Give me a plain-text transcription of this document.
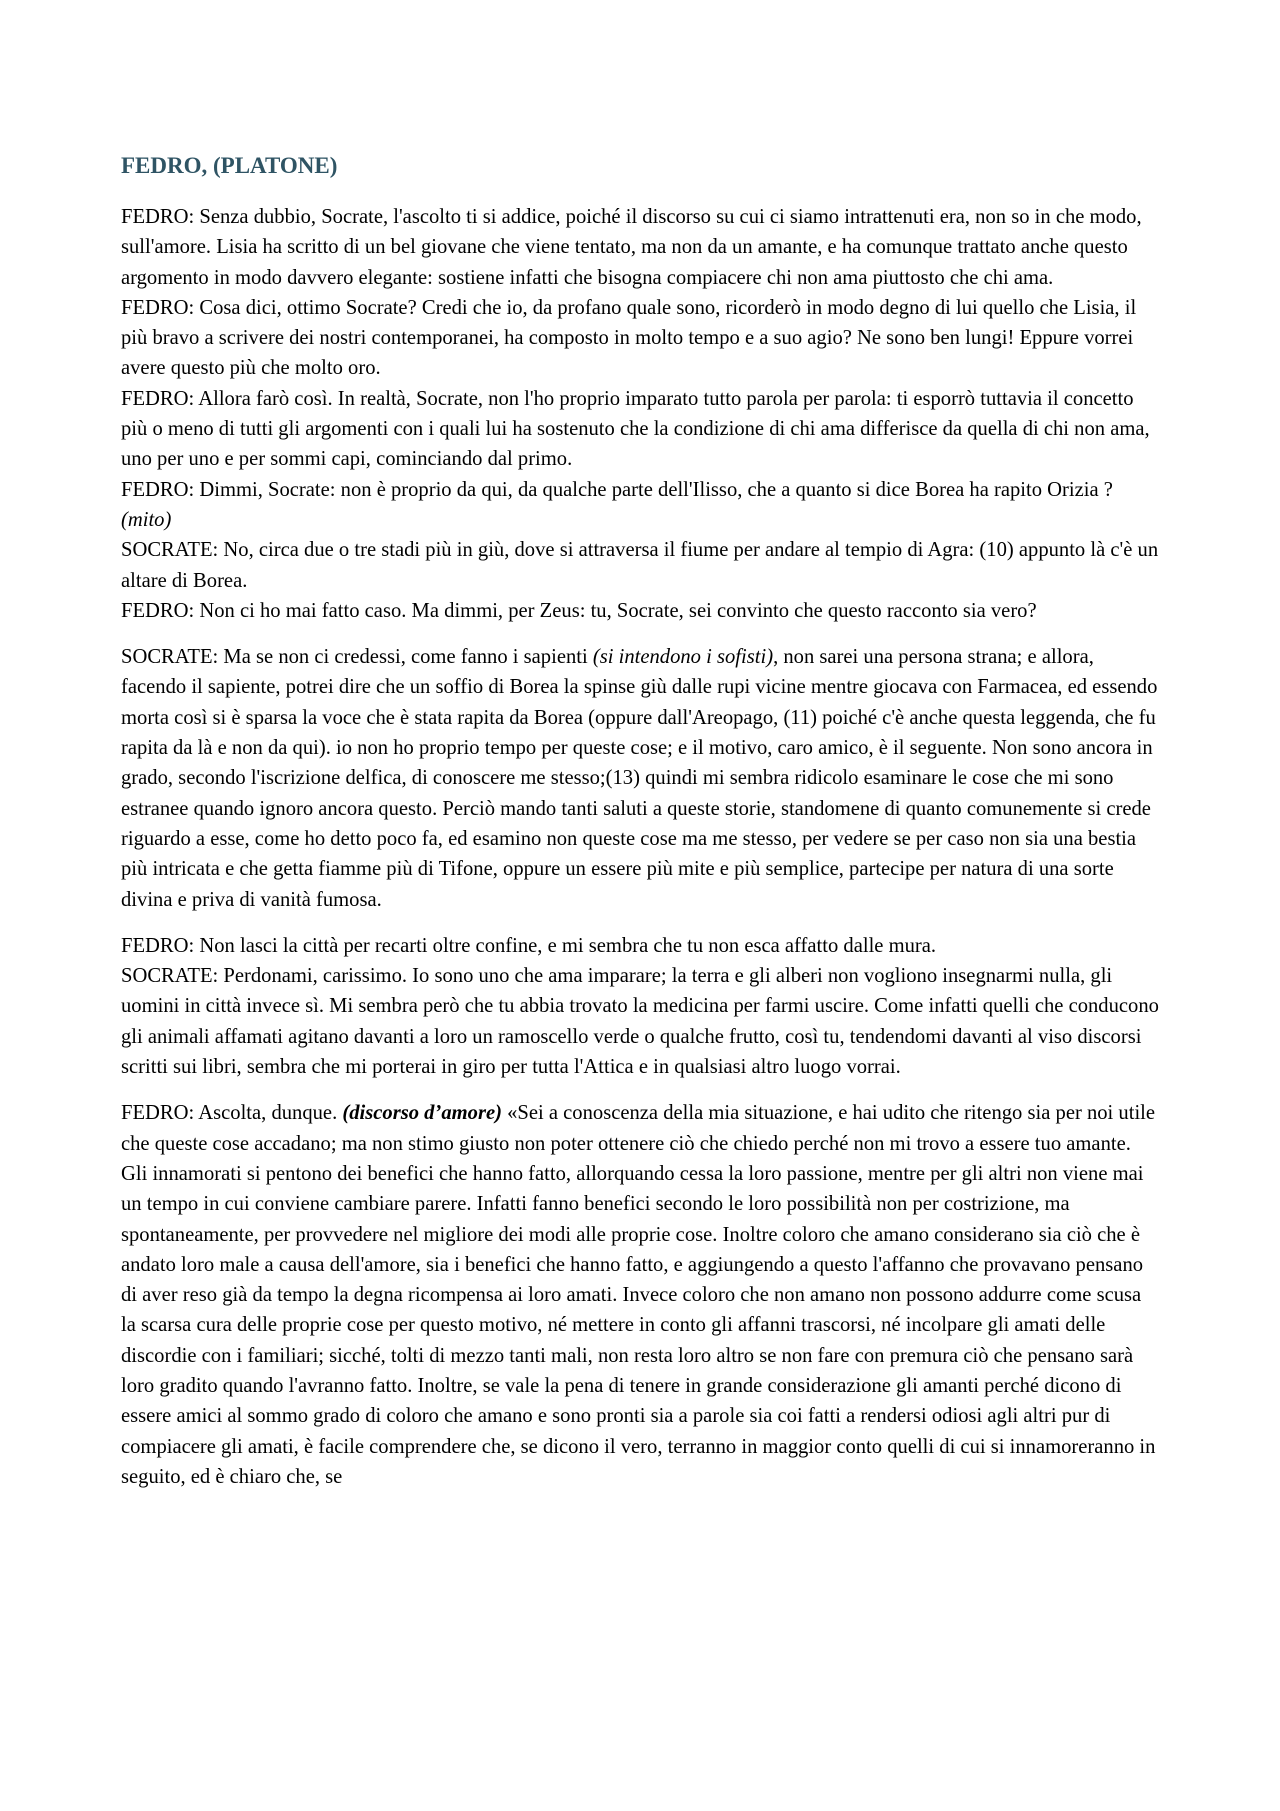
FEDRO, (PLATONE)

FEDRO: Senza dubbio, Socrate, l'ascolto ti si addice, poiché il discorso su cui ci siamo intrattenuti era, non so in che modo, sull'amore. Lisia ha scritto di un bel giovane che viene tentato, ma non da un amante, e ha comunque trattato anche questo argomento in modo davvero elegante: sostiene infatti che bisogna compiacere chi non ama piuttosto che chi ama.

FEDRO: Cosa dici, ottimo Socrate? Credi che io, da profano quale sono, ricorderò in modo degno di lui quello che Lisia, il più bravo a scrivere dei nostri contemporanei, ha composto in molto tempo e a suo agio? Ne sono ben lungi! Eppure vorrei avere questo più che molto oro.

FEDRO: Allora farò così. In realtà, Socrate, non l'ho proprio imparato tutto parola per parola: ti esporrò tuttavia il concetto più o meno di tutti gli argomenti con i quali lui ha sostenuto che la condizione di chi ama differisce da quella di chi non ama, uno per uno e per sommi capi, cominciando dal primo.

FEDRO: Dimmi, Socrate: non è proprio da qui, da qualche parte dell'Ilisso, che a quanto si dice Borea ha rapito Orizia ? (mito)

SOCRATE: No, circa due o tre stadi più in giù, dove si attraversa il fiume per andare al tempio di Agra: (10) appunto là c'è un altare di Borea.

FEDRO: Non ci ho mai fatto caso. Ma dimmi, per Zeus: tu, Socrate, sei convinto che questo racconto sia vero?

SOCRATE: Ma se non ci credessi, come fanno i sapienti (si intendono i sofisti), non sarei una persona strana; e allora, facendo il sapiente, potrei dire che un soffio di Borea la spinse giù dalle rupi vicine mentre giocava con Farmacea, ed essendo morta così si è sparsa la voce che è stata rapita da Borea (oppure dall'Areopago, (11) poiché c'è anche questa leggenda, che fu rapita da là e non da qui). io non ho proprio tempo per queste cose; e il motivo, caro amico, è il seguente. Non sono ancora in grado, secondo l'iscrizione delfica, di conoscere me stesso;(13) quindi mi sembra ridicolo esaminare le cose che mi sono estranee quando ignoro ancora questo. Perciò mando tanti saluti a queste storie, standomene di quanto comunemente si crede riguardo a esse, come ho detto poco fa, ed esamino non queste cose ma me stesso, per vedere se per caso non sia una bestia più intricata e che getta fiamme più di Tifone, oppure un essere più mite e più semplice, partecipe per natura di una sorte divina e priva di vanità fumosa.

FEDRO: Non lasci la città per recarti oltre confine, e mi sembra che tu non esca affatto dalle mura.

SOCRATE: Perdonami, carissimo. Io sono uno che ama imparare; la terra e gli alberi non vogliono insegnarmi nulla, gli uomini in città invece sì. Mi sembra però che tu abbia trovato la medicina per farmi uscire. Come infatti quelli che conducono gli animali affamati agitano davanti a loro un ramoscello verde o qualche frutto, così tu, tendendomi davanti al viso discorsi scritti sui libri, sembra che mi porterai in giro per tutta l'Attica e in qualsiasi altro luogo vorrai.

FEDRO: Ascolta, dunque. (discorso d’amore) «Sei a conoscenza della mia situazione, e hai udito che ritengo sia per noi utile che queste cose accadano; ma non stimo giusto non poter ottenere ciò che chiedo perché non mi trovo a essere tuo amante. Gli innamorati si pentono dei benefici che hanno fatto, allorquando cessa la loro passione, mentre per gli altri non viene mai un tempo in cui conviene cambiare parere. Infatti fanno benefici secondo le loro possibilità non per costrizione, ma spontaneamente, per provvedere nel migliore dei modi alle proprie cose. Inoltre coloro che amano considerano sia ciò che è andato loro male a causa dell'amore, sia i benefici che hanno fatto, e aggiungendo a questo l'affanno che provavano pensano di aver reso già da tempo la degna ricompensa ai loro amati. Invece coloro che non amano non possono addurre come scusa la scarsa cura delle proprie cose per questo motivo, né mettere in conto gli affanni trascorsi, né incolpare gli amati delle discordie con i familiari; sicché, tolti di mezzo tanti mali, non resta loro altro se non fare con premura ciò che pensano sarà loro gradito quando l'avranno fatto. Inoltre, se vale la pena di tenere in grande considerazione gli amanti perché dicono di essere amici al sommo grado di coloro che amano e sono pronti sia a parole sia coi fatti a rendersi odiosi agli altri pur di compiacere gli amati, è facile comprendere che, se dicono il vero, terranno in maggior conto quelli di cui si innamoreranno in seguito, ed è chiaro che, se
